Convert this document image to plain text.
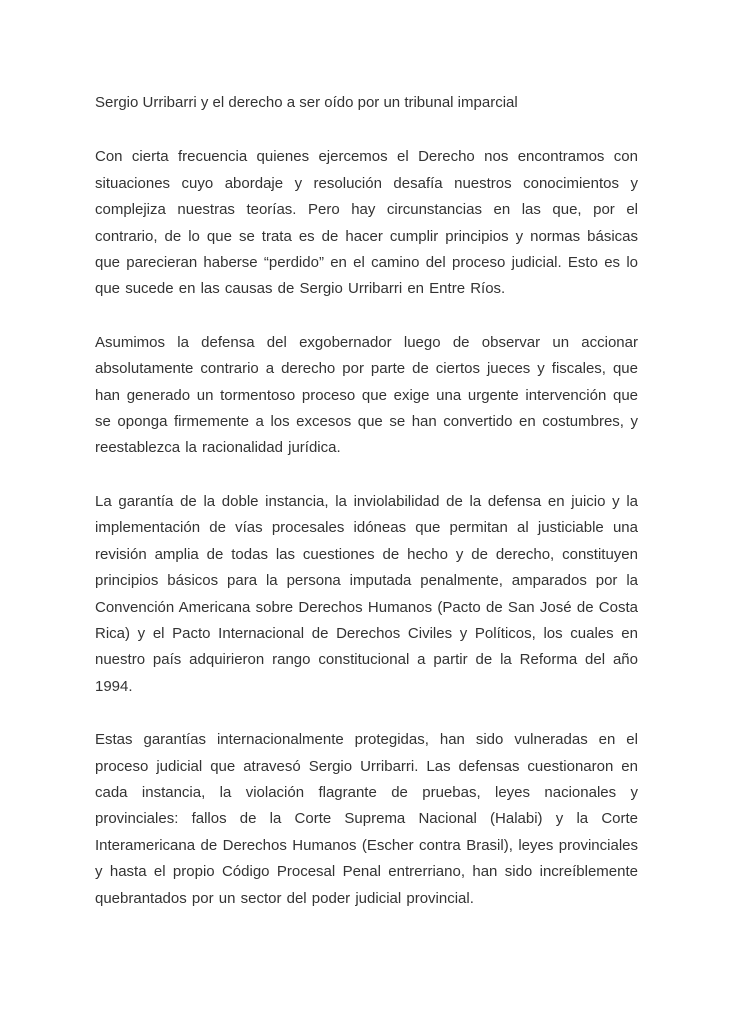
Sergio Urribarri y el derecho a ser oído por un tribunal imparcial

Con cierta frecuencia quienes ejercemos el Derecho nos encontramos con situaciones cuyo abordaje y resolución desafía nuestros conocimientos y complejiza nuestras teorías. Pero hay circunstancias en las que, por el contrario, de lo que se trata es de hacer cumplir principios y normas básicas que parecieran haberse “perdido” en el camino del proceso judicial. Esto es lo que sucede en las causas de Sergio Urribarri en Entre Ríos.

Asumimos la defensa del exgobernador luego de observar un accionar absolutamente contrario a derecho por parte de ciertos jueces y fiscales, que han generado un tormentoso proceso que exige una urgente intervención que se oponga firmemente a los excesos que se han convertido en costumbres, y reestablezca la racionalidad jurídica.

La garantía de la doble instancia, la inviolabilidad de la defensa en juicio y la implementación de vías procesales idóneas que permitan al justiciable una revisión amplia de todas las cuestiones de hecho y de derecho, constituyen principios básicos para la persona imputada penalmente, amparados por la Convención Americana sobre Derechos Humanos (Pacto de San José de Costa Rica) y el Pacto Internacional de Derechos Civiles y Políticos, los cuales en nuestro país adquirieron rango constitucional a partir de la Reforma del año 1994.

Estas garantías internacionalmente protegidas, han sido vulneradas en el proceso judicial que atravesó Sergio Urribarri. Las defensas cuestionaron en cada instancia, la violación flagrante de pruebas, leyes nacionales y provinciales: fallos de la Corte Suprema Nacional (Halabi) y la Corte Interamericana de Derechos Humanos (Escher contra Brasil), leyes provinciales y hasta el propio Código Procesal Penal entrerriano, han sido increíblemente quebrantados por un sector del poder judicial provincial.
